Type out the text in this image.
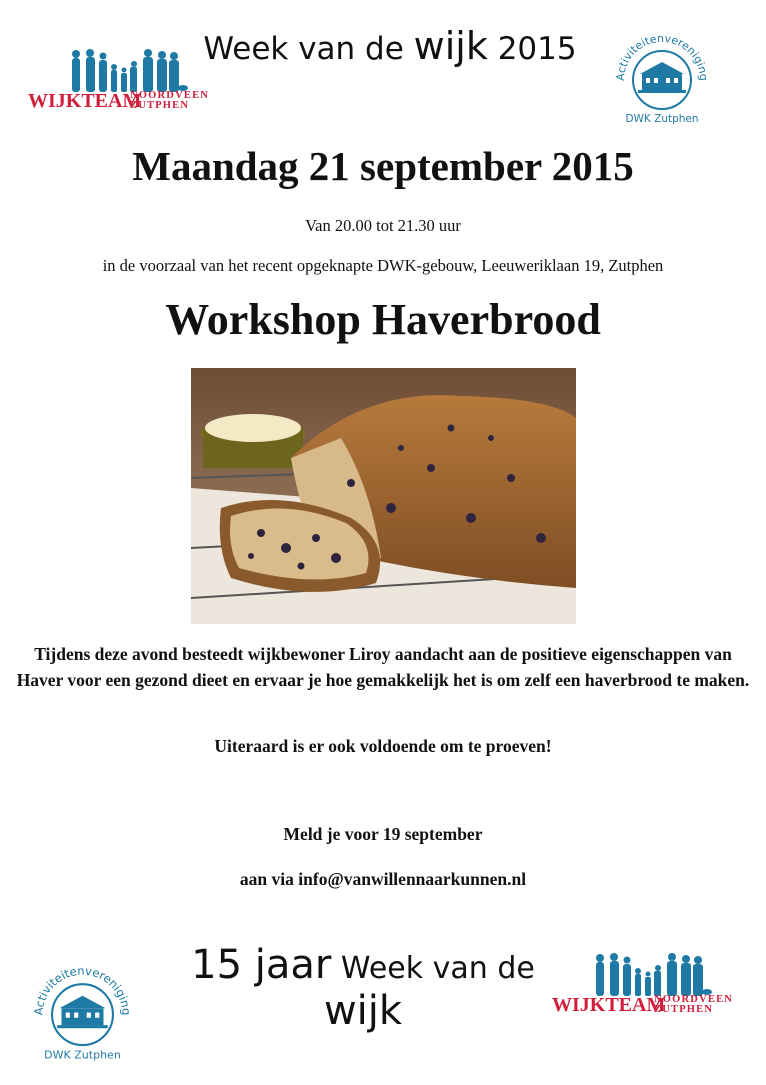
Week van de wijk 2015
WIJKTEAM
NOORDVEEN
ZUTPHEN
Activiteitenvereniging
DWK Zutphen
Maandag 21 september 2015
Van 20.00 tot 21.30 uur
in de voorzaal van het recent opgeknapte DWK-gebouw, Leeuweriklaan 19, Zutphen
Workshop Haverbrood
Tijdens deze avond besteedt wijkbewoner Liroy aandacht aan de positieve eigenschappen van Haver voor een gezond dieet en ervaar je hoe gemakkelijk het is om zelf een haverbrood te maken.
Uiteraard is er ook voldoende om te proeven!
Meld je voor 19 september
aan via info@vanwillennaarkunnen.nl
15 jaar Week van de wijk
Activiteitenvereniging
DWK Zutphen
WIJKTEAM
NOORDVEEN
ZUTPHEN
